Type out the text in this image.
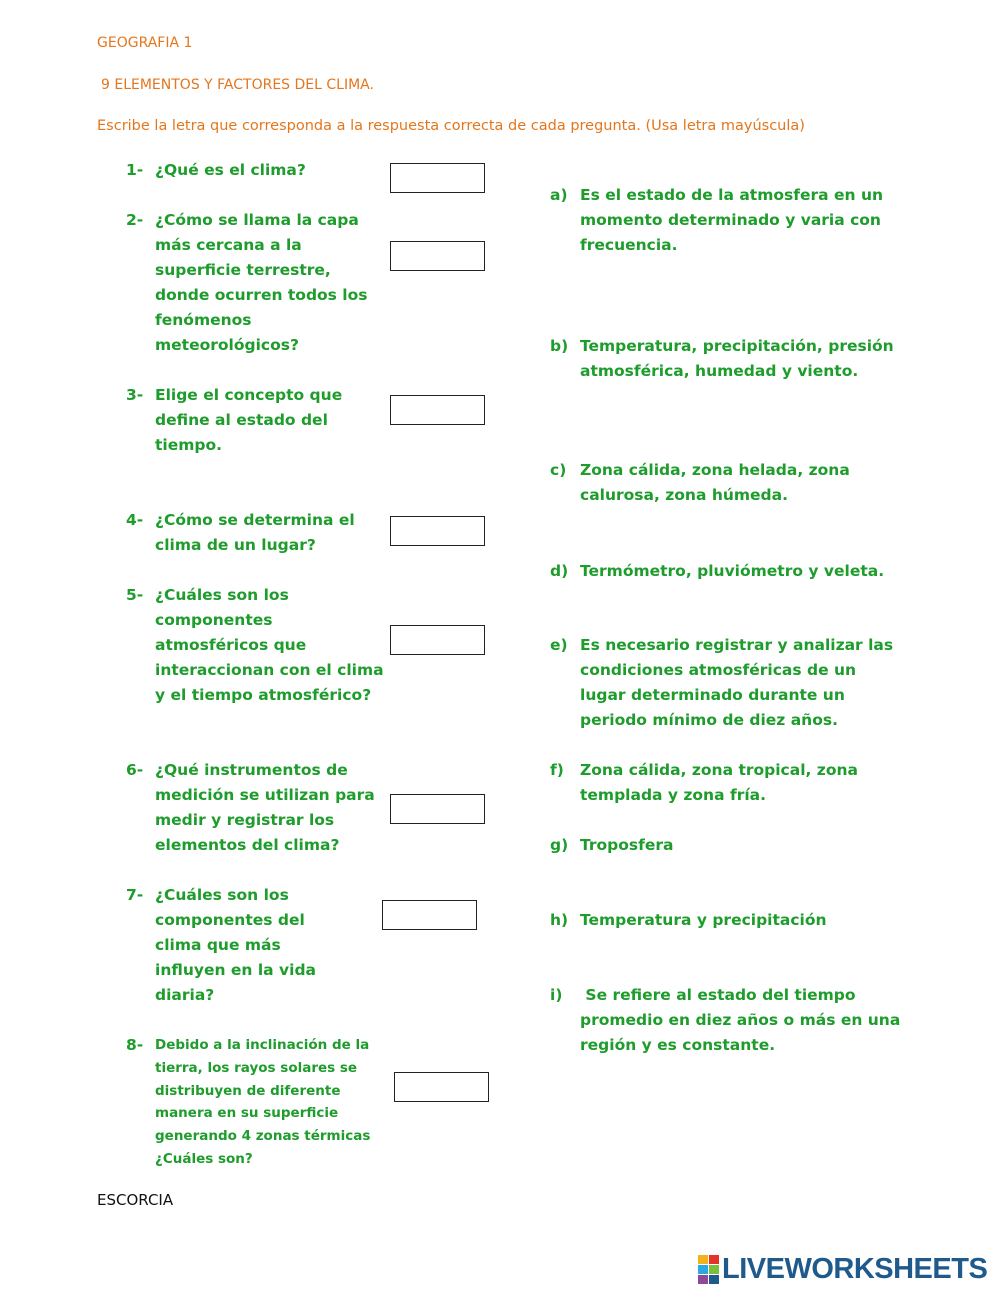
GEOGRAFIA 1
9 ELEMENTOS Y FACTORES DEL CLIMA.
Escribe la letra que corresponda a la respuesta correcta de cada pregunta. (Usa letra mayúscula)
1- ¿Qué es el clima?
2- ¿Cómo se llama la capa más cercana a la superficie terrestre, donde ocurren todos los fenómenos meteorológicos?
3- Elige el concepto que define al estado del tiempo.
4- ¿Cómo se determina el clima de un lugar?
5- ¿Cuáles son los componentes atmosféricos que interaccionan con el clima y el tiempo atmosférico?
6- ¿Qué instrumentos de medición se utilizan para medir y registrar los elementos del clima?
7- ¿Cuáles son los componentes del clima que más influyen en la vida diaria?
8- Debido a la inclinación de la tierra, los rayos solares se distribuyen de diferente manera en su superficie generando 4 zonas térmicas ¿Cuáles son?
a) Es el estado de la atmosfera en un momento determinado y varia con frecuencia.
b) Temperatura, precipitación, presión atmosférica, humedad y viento.
c) Zona cálida, zona helada, zona calurosa, zona húmeda.
d) Termómetro, pluviómetro y veleta.
e) Es necesario registrar y analizar las condiciones atmosféricas de un lugar determinado durante un periodo mínimo de diez años.
f) Zona cálida, zona tropical, zona templada y zona fría.
g) Troposfera
h) Temperatura y precipitación
i) Se refiere al estado del tiempo promedio en diez años o más en una región y es constante.
ESCORCIA
LIVEWORKSHEETS
